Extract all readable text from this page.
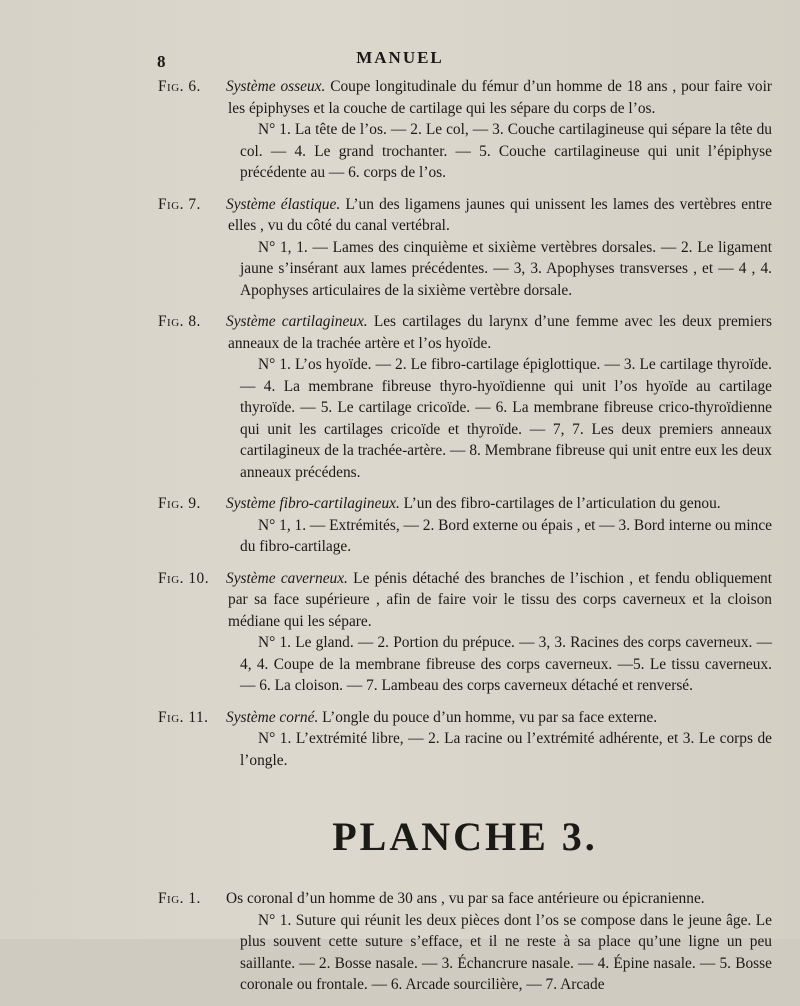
8	MANUEL

Fig. 6. Système osseux. Coupe longitudinale du fémur d’un homme de 18 ans , pour faire voir les épiphyses et la couche de cartilage qui les sépare du corps de l’os.

N° 1. La tête de l’os. — 2. Le col, — 3. Couche cartilagineuse qui sépare la tête du col. — 4. Le grand trochanter. — 5. Couche cartilagineuse qui unit l’épiphyse précédente au — 6. corps de l’os.

Fig. 7. Système élastique. L’un des ligamens jaunes qui unissent les lames des vertèbres entre elles , vu du côté du canal vertébral.

N° 1, 1. — Lames des cinquième et sixième vertèbres dorsales. — 2. Le ligament jaune s’insérant aux lames précédentes. — 3, 3. Apophyses transverses , et — 4 , 4. Apophyses articulaires de la sixième vertèbre dorsale.

Fig. 8. Système cartilagineux. Les cartilages du larynx d’une femme avec les deux premiers anneaux de la trachée artère et l’os hyoïde.

N° 1. L’os hyoïde. — 2. Le fibro-cartilage épiglottique. — 3. Le cartilage thyroïde. — 4. La membrane fibreuse thyro-hyoïdienne qui unit l’os hyoïde au cartilage thyroïde. — 5. Le cartilage cricoïde. — 6. La membrane fibreuse crico-thyroïdienne qui unit les cartilages cricoïde et thyroïde. — 7, 7. Les deux premiers anneaux cartilagineux de la trachée-artère. — 8. Membrane fibreuse qui unit entre eux les deux anneaux précédens.

Fig. 9. Système fibro-cartilagineux. L’un des fibro-cartilages de l’articulation du genou.

N° 1, 1. — Extrémités, — 2. Bord externe ou épais , et — 3. Bord interne ou mince du fibro-cartilage.

Fig. 10. Système caverneux. Le pénis détaché des branches de l’ischion , et fendu obliquement par sa face supérieure , afin de faire voir le tissu des corps caverneux et la cloison médiane qui les sépare.

N° 1. Le gland. — 2. Portion du prépuce. — 3, 3. Racines des corps caverneux. — 4, 4. Coupe de la membrane fibreuse des corps caverneux. —5. Le tissu caverneux. — 6. La cloison. — 7. Lambeau des corps caverneux détaché et renversé.

Fig. 11. Système corné. L’ongle du pouce d’un homme, vu par sa face externe.

N° 1. L’extrémité libre, — 2. La racine ou l’extrémité adhérente, et 3. Le corps de l’ongle.

PLANCHE 3.

Fig. 1. Os coronal d’un homme de 30 ans , vu par sa face antérieure ou épicranienne.

N° 1. Suture qui réunit les deux pièces dont l’os se compose dans le jeune âge. Le plus souvent cette suture s’efface, et il ne reste à sa place qu’une ligne un peu saillante. — 2. Bosse nasale. — 3. Échancrure nasale. — 4. Épine nasale. — 5. Bosse coronale ou frontale. — 6. Arcade sourcilière, — 7. Arcade
